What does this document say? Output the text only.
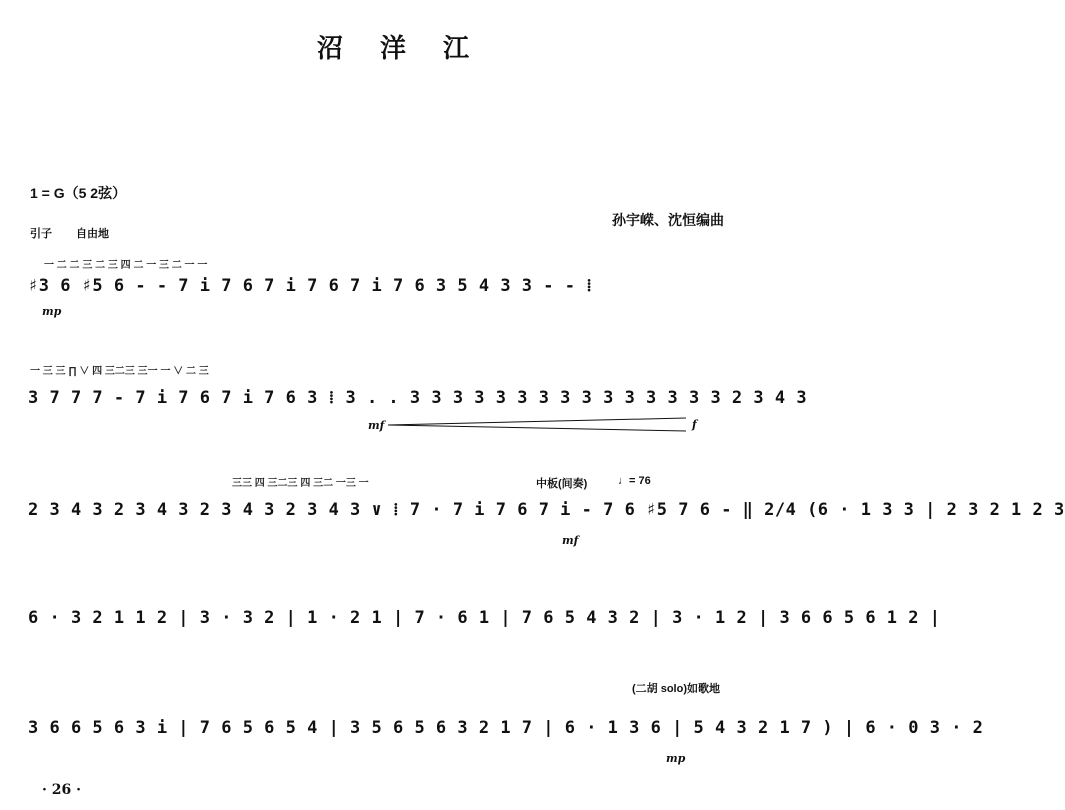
沼 洋 江
1 = G（5 2弦）
孙宇嵘、沈恒编曲
引子 自由地
一 二 二 三 二 三 四 二 一 三 二 一 一
♯3 6 ♯5 6 - - 7 i 7 6 7 i 7 6 7 i 7 6 3 5 4 3 3 - - ⁞
mp
一 三 三 ∏ ∨ 四 三二三 三一 一 ∨ 二 三
3 7 7 7 - 7 i 7 6 7 i 7 6 3 ⁞ 3 . . 3 3 3 3 3 3 3 3 3 3 3 3 3 3 3 2 3 4 3
mf	f
三三 四 三二三 四 三二 一三 一	中板(间奏)	♩= 76
2 3 4 3 2 3 4 3 2 3 4 3 2 3 4 3 ∨ ⁞ 7 · 7 i 7 6 7 i - 7 6 ♯5 7 6 - ‖ 2/4 (6 · 1 3 3 | 2 3 2 1 2 3
mf
6 · 3 2 1 1 2 | 3 · 3 2 | 1 · 2 1 | 7 · 6 1 | 7 6 5 4 3 2 | 3 · 1 2 | 3 6 6 5 6 1 2 |
(二胡 solo)如歌地
3 6 6 5 6 3 i | 7 6 5 6 5 4 | 3 5 6 5 6 3 2 1 7 | 6 · 1 3 6 | 5 4 3 2 1 7 ) | 6 · 0 3 · 2
mp
· 26 ·
